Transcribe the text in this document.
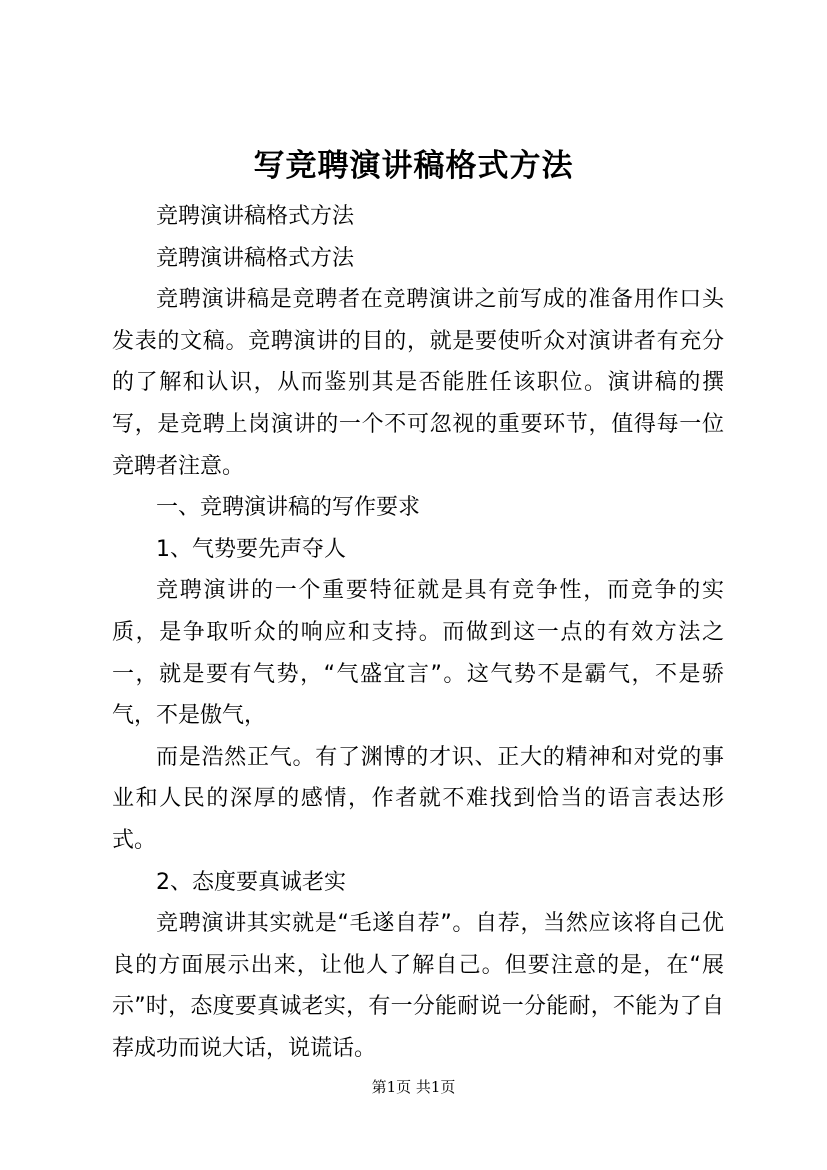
写竞聘演讲稿格式方法

竞聘演讲稿格式方法

竞聘演讲稿格式方法

竞聘演讲稿是竞聘者在竞聘演讲之前写成的准备用作口头发表的文稿。竞聘演讲的目的，就是要使听众对演讲者有充分的了解和认识，从而鉴别其是否能胜任该职位。演讲稿的撰写，是竞聘上岗演讲的一个不可忽视的重要环节，值得每一位竞聘者注意。

一、竞聘演讲稿的写作要求

1、气势要先声夺人

竞聘演讲的一个重要特征就是具有竞争性，而竞争的实质，是争取听众的响应和支持。而做到这一点的有效方法之一，就是要有气势，“气盛宜言”。这气势不是霸气，不是骄气，不是傲气，

而是浩然正气。有了渊博的才识、正大的精神和对党的事业和人民的深厚的感情，作者就不难找到恰当的语言表达形式。

2、态度要真诚老实

竞聘演讲其实就是“毛遂自荐”。自荐，当然应该将自己优良的方面展示出来，让他人了解自己。但要注意的是，在“展示”时，态度要真诚老实，有一分能耐说一分能耐，不能为了自荐成功而说大话，说谎话。

第1页 共1页
